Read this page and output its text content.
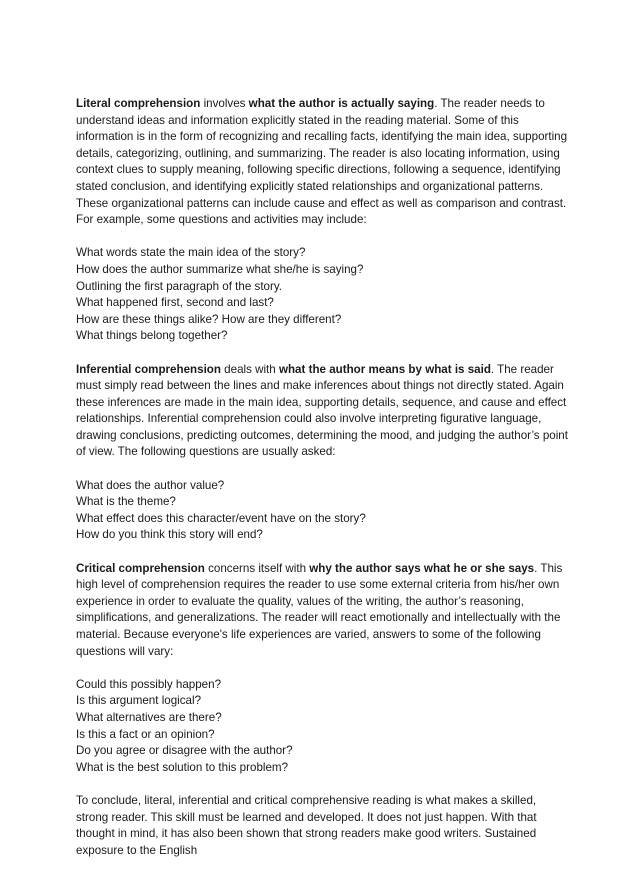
Literal comprehension involves what the author is actually saying. The reader needs to understand ideas and information explicitly stated in the reading material. Some of this information is in the form of recognizing and recalling facts, identifying the main idea, supporting details, categorizing, outlining, and summarizing. The reader is also locating information, using context clues to supply meaning, following specific directions, following a sequence, identifying stated conclusion, and identifying explicitly stated relationships and organizational patterns. These organizational patterns can include cause and effect as well as comparison and contrast. For example, some questions and activities may include:

What words state the main idea of the story?
How does the author summarize what she/he is saying?
Outlining the first paragraph of the story.
What happened first, second and last?
How are these things alike? How are they different?
What things belong together?

Inferential comprehension deals with what the author means by what is said. The reader must simply read between the lines and make inferences about things not directly stated. Again these inferences are made in the main idea, supporting details, sequence, and cause and effect relationships. Inferential comprehension could also involve interpreting figurative language, drawing conclusions, predicting outcomes, determining the mood, and judging the author’s point of view. The following questions are usually asked:

What does the author value?
What is the theme?
What effect does this character/event have on the story?
How do you think this story will end?

Critical comprehension concerns itself with why the author says what he or she says. This high level of comprehension requires the reader to use some external criteria from his/her own experience in order to evaluate the quality, values of the writing, the author’s reasoning, simplifications, and generalizations. The reader will react emotionally and intellectually with the material. Because everyone's life experiences are varied, answers to some of the following questions will vary:

Could this possibly happen?
Is this argument logical?
What alternatives are there?
Is this a fact or an opinion?
Do you agree or disagree with the author?
What is the best solution to this problem?

To conclude, literal, inferential and critical comprehensive reading is what makes a skilled, strong reader. This skill must be learned and developed. It does not just happen. With that thought in mind, it has also been shown that strong readers make good writers. Sustained exposure to the English
